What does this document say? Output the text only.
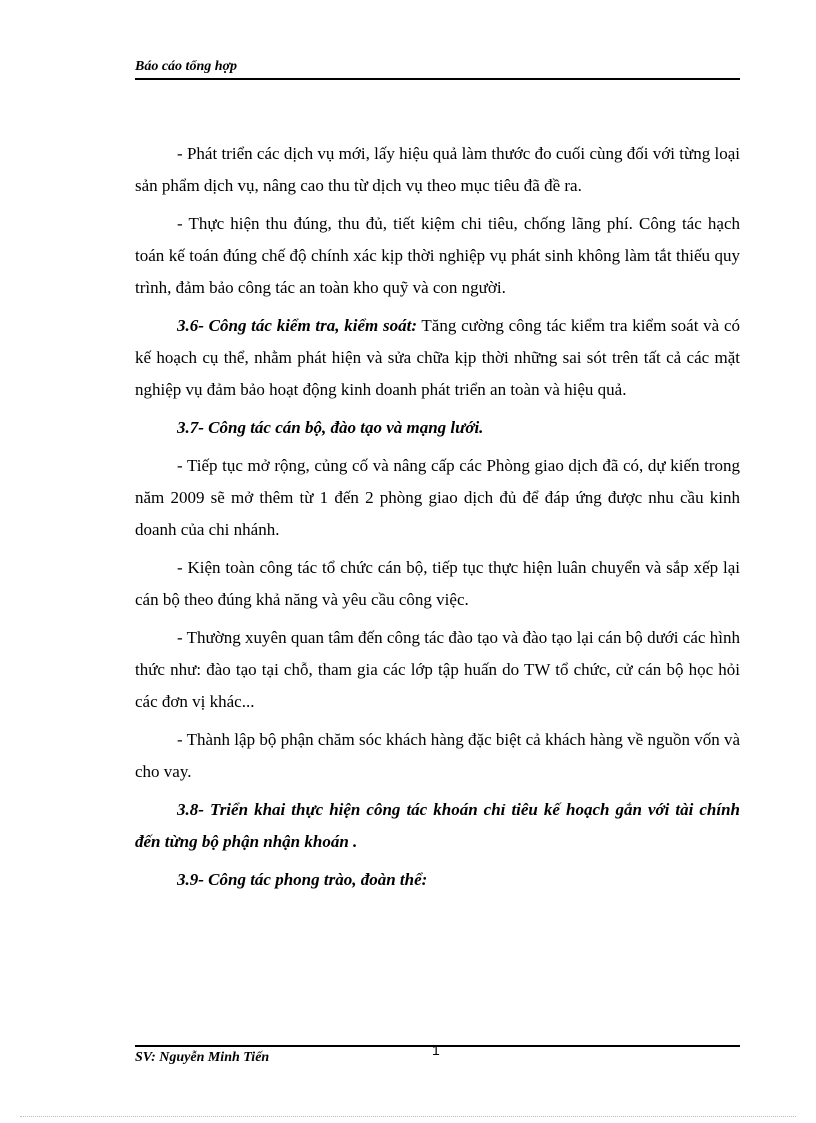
Báo cáo tổng hợp

- Phát triển các dịch vụ mới, lấy hiệu quả làm thước đo cuối cùng đối với từng loại sản phẩm dịch vụ, nâng cao thu từ dịch vụ theo mục tiêu đã đề ra.

- Thực hiện thu đúng, thu đủ, tiết kiệm chi tiêu, chống lãng phí. Công tác hạch toán kế toán đúng chế độ chính xác kịp thời nghiệp vụ phát sinh không làm tắt thiếu quy trình, đảm bảo công tác an toàn kho quỹ và con người.

3.6- Công tác kiểm tra, kiểm soát: Tăng cường công tác kiểm tra kiểm soát và có kế hoạch cụ thể, nhằm phát hiện và sửa chữa kịp thời những sai sót trên tất cả các mặt nghiệp vụ đảm bảo hoạt động kinh doanh phát triển an toàn và hiệu quả.

3.7- Công tác cán bộ, đào tạo và mạng lưới.

- Tiếp tục mở rộng, củng cố và nâng cấp các Phòng giao dịch đã có, dự kiến trong năm 2009 sẽ mở thêm từ 1 đến 2 phòng giao dịch đủ để đáp ứng được nhu cầu kinh doanh của chi nhánh.

- Kiện toàn công tác tổ chức cán bộ, tiếp tục thực hiện luân chuyển và sắp xếp lại cán bộ theo đúng khả năng và yêu cầu công việc.

- Thường xuyên quan tâm đến công tác đào tạo và đào tạo lại cán bộ dưới các hình thức như: đào tạo tại chỗ, tham gia các lớp tập huấn do TW tổ chức, cử cán bộ học hỏi các đơn vị khác...

- Thành lập bộ phận chăm sóc khách hàng đặc biệt cả khách hàng về nguồn vốn và cho vay.

3.8- Triển khai thực hiện công tác khoán chỉ tiêu kế hoạch gắn với tài chính đến từng bộ phận nhận khoán .

3.9- Công tác phong trào, đoàn thể:

SV: Nguyễn Minh Tiến	1
